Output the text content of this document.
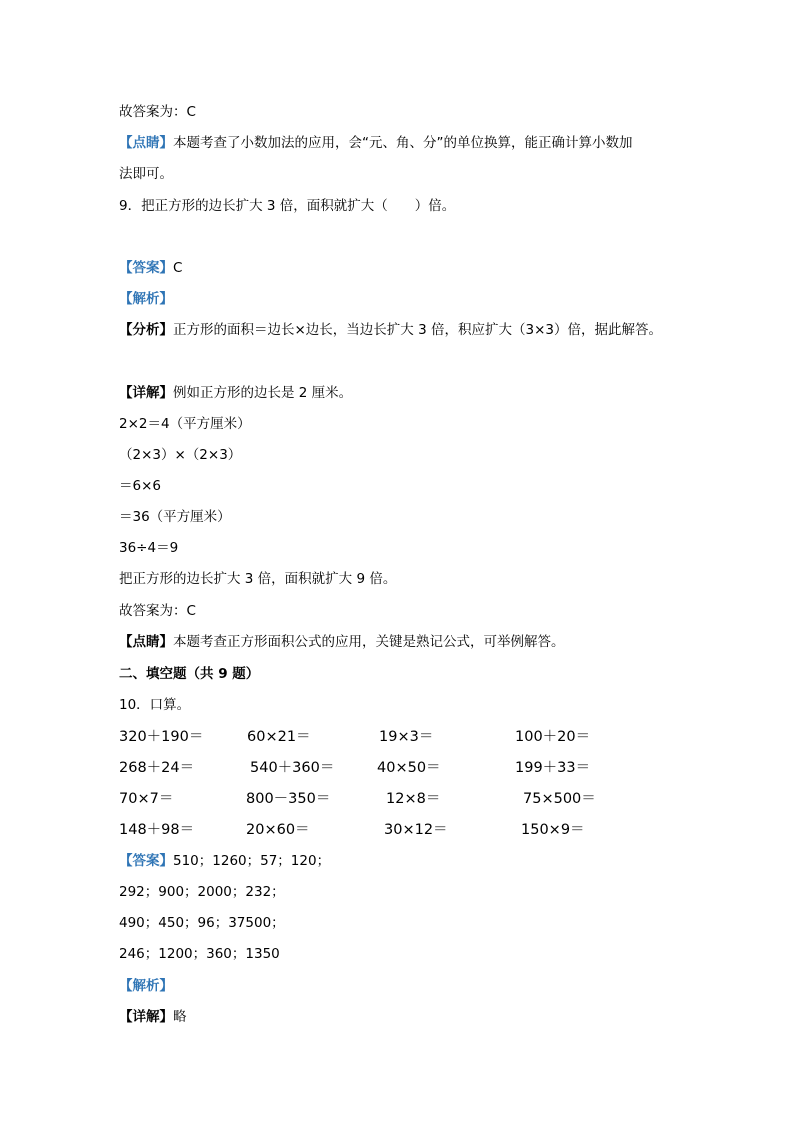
故答案为：C
【点睛】本题考查了小数加法的应用，会“元、角、分”的单位换算，能正确计算小数加
法即可。
9．把正方形的边长扩大 3 倍，面积就扩大（　　）倍。
【答案】C
【解析】
【分析】正方形的面积＝边长×边长，当边长扩大 3 倍，积应扩大（3×3）倍，据此解答。
【详解】例如正方形的边长是 2 厘米。
2×2＝4（平方厘米）
（2×3）×（2×3）
＝6×6
＝36（平方厘米）
36÷4＝9
把正方形的边长扩大 3 倍，面积就扩大 9 倍。
故答案为：C
【点睛】本题考查正方形面积公式的应用，关键是熟记公式，可举例解答。
二、填空题（共 9 题）
10．口算。
320＋190＝	60×21＝	19×3＝	100＋20＝
268＋24＝	540＋360＝	40×50＝	199＋33＝
70×7＝	800－350＝	12×8＝	75×500＝
148＋98＝	20×60＝	30×12＝	150×9＝
【答案】510；1260；57；120；
292；900；2000；232；
490；450；96；37500；
246；1200；360；1350
【解析】
【详解】略
